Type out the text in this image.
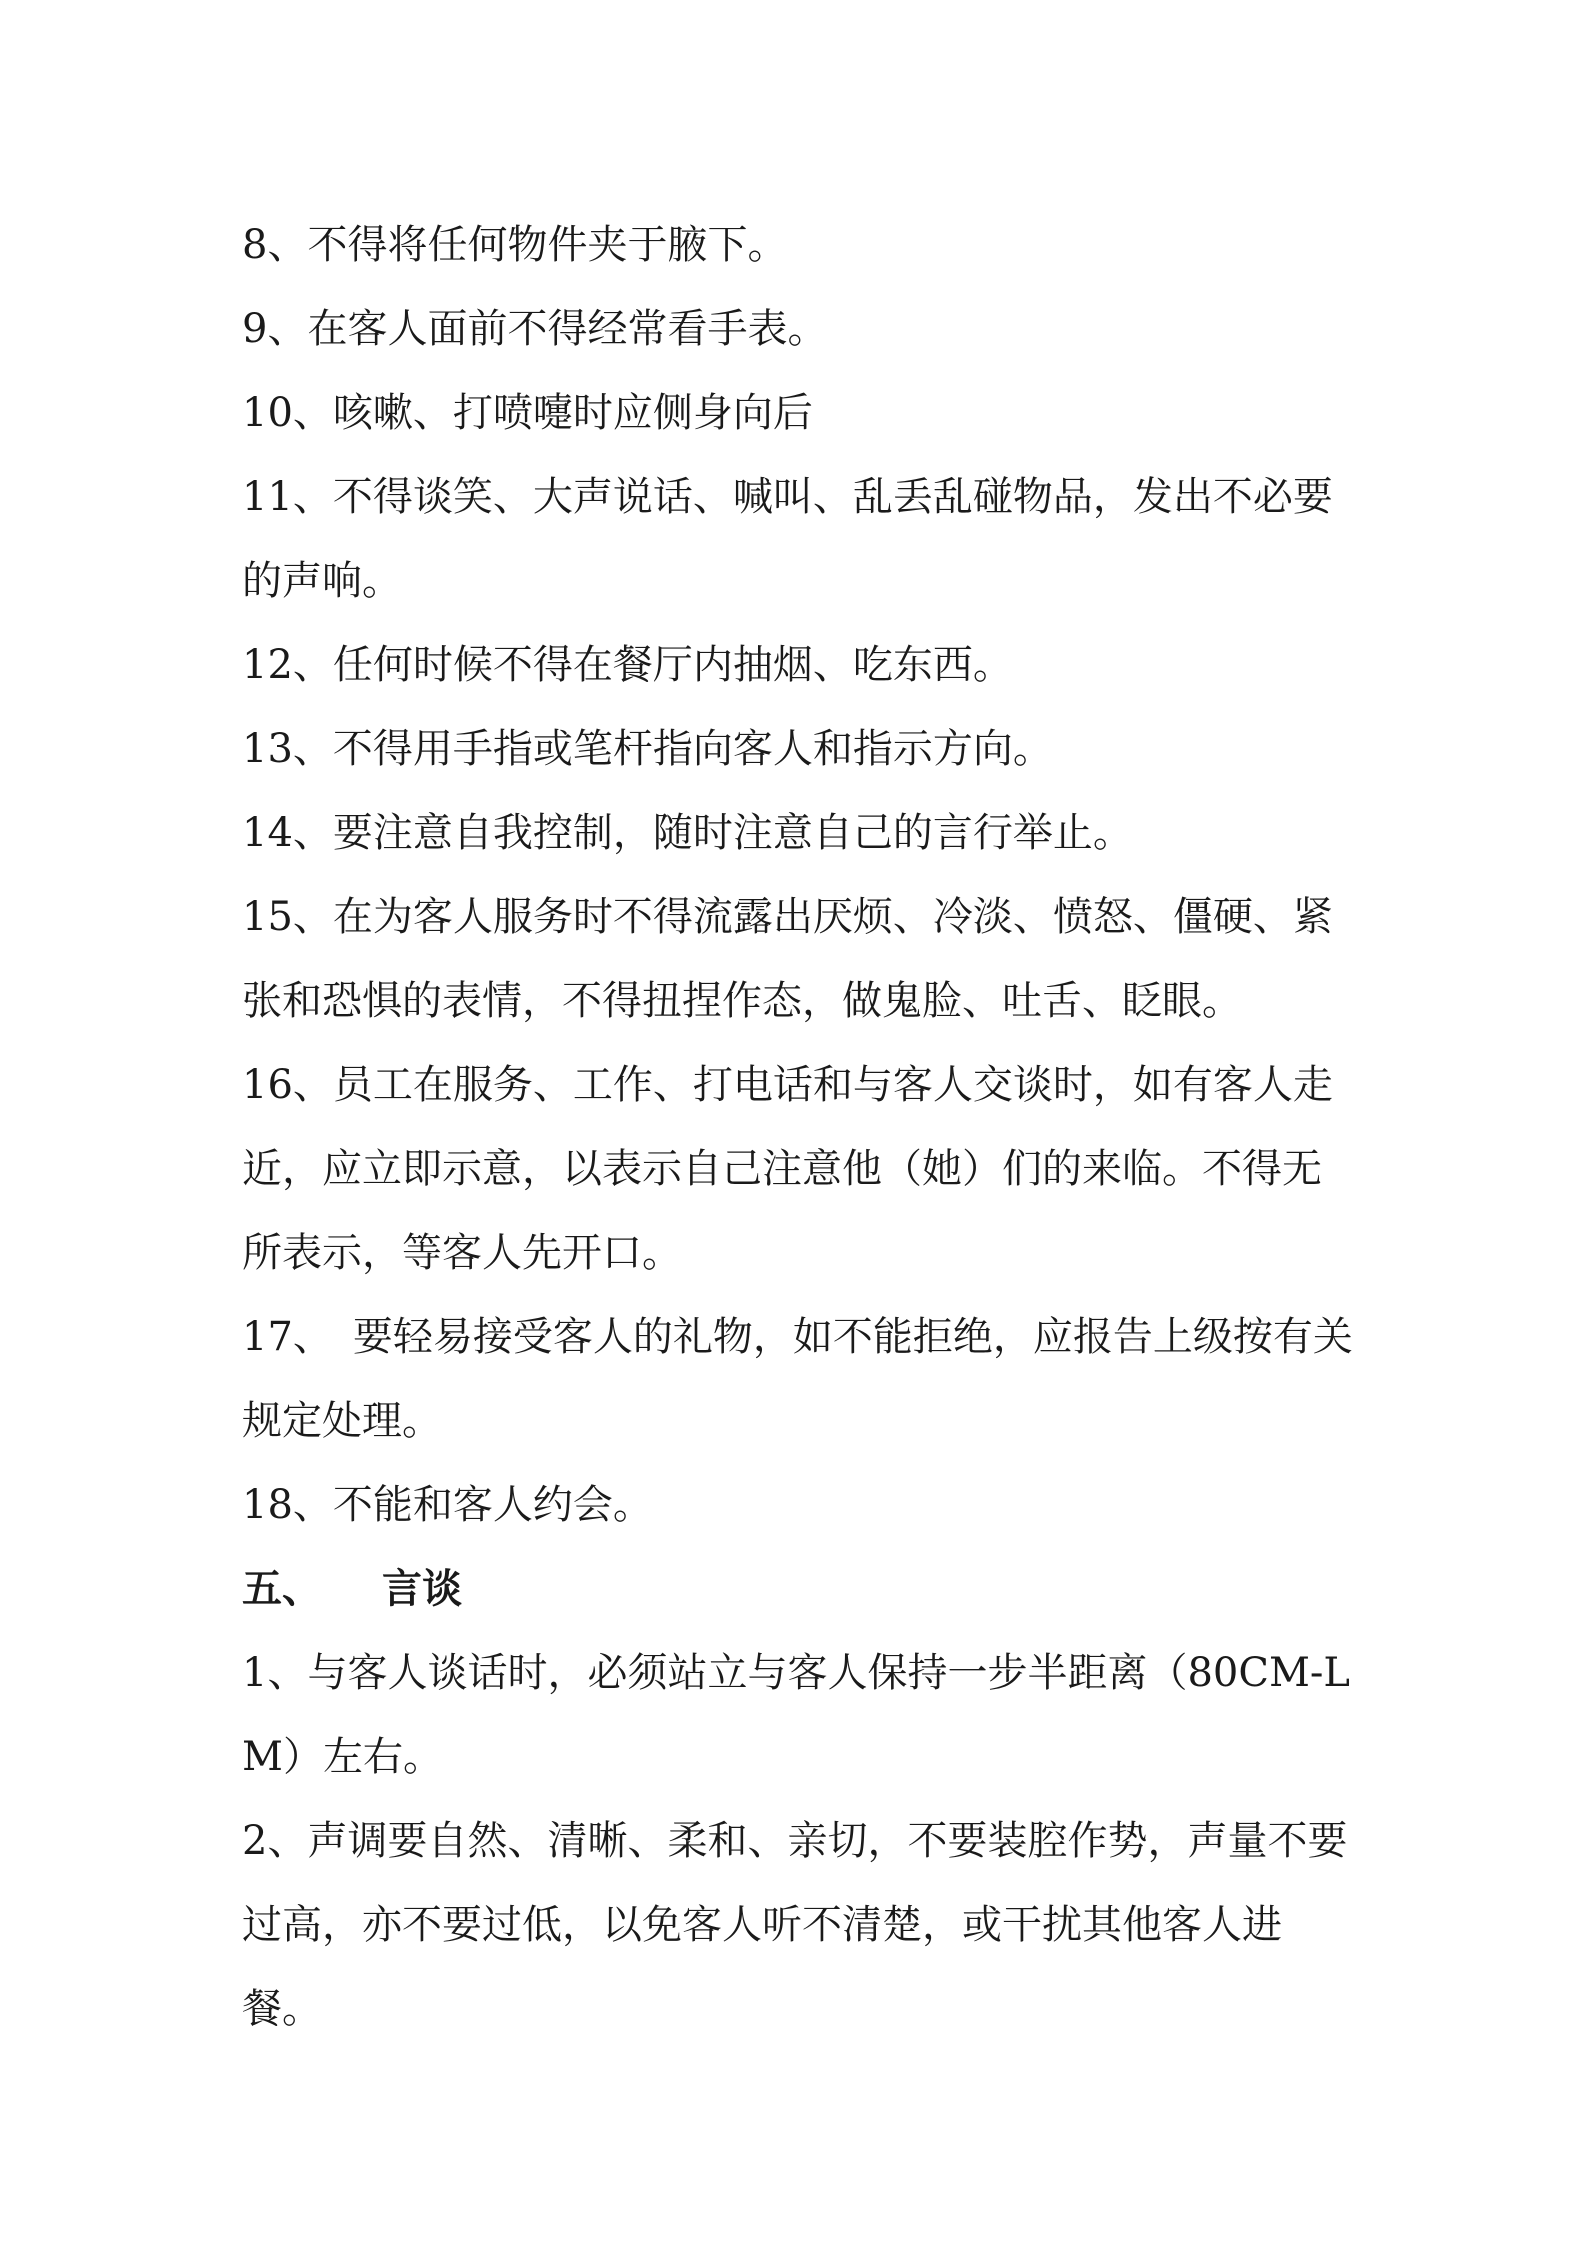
8、不得将任何物件夹于腋下。

9、在客人面前不得经常看手表。

10、咳嗽、打喷嚏时应侧身向后

11、不得谈笑、大声说话、喊叫、乱丢乱碰物品，发出不必要的声响。

12、任何时候不得在餐厅内抽烟、吃东西。

13、不得用手指或笔杆指向客人和指示方向。

14、要注意自我控制，随时注意自己的言行举止。

15、在为客人服务时不得流露出厌烦、冷淡、愤怒、僵硬、紧张和恐惧的表情，不得扭捏作态，做鬼脸、吐舌、眨眼。

16、员工在服务、工作、打电话和与客人交谈时，如有客人走近，应立即示意，以表示自己注意他（她）们的来临。不得无所表示，等客人先开口。

17、　要轻易接受客人的礼物，如不能拒绝，应报告上级按有关规定处理。

18、不能和客人约会。

五、　　言谈

1、与客人谈话时，必须站立与客人保持一步半距离（80CM-LM）左右。

2、声调要自然、清晰、柔和、亲切，不要装腔作势，声量不要过高，亦不要过低，以免客人听不清楚，或干扰其他客人进餐。
